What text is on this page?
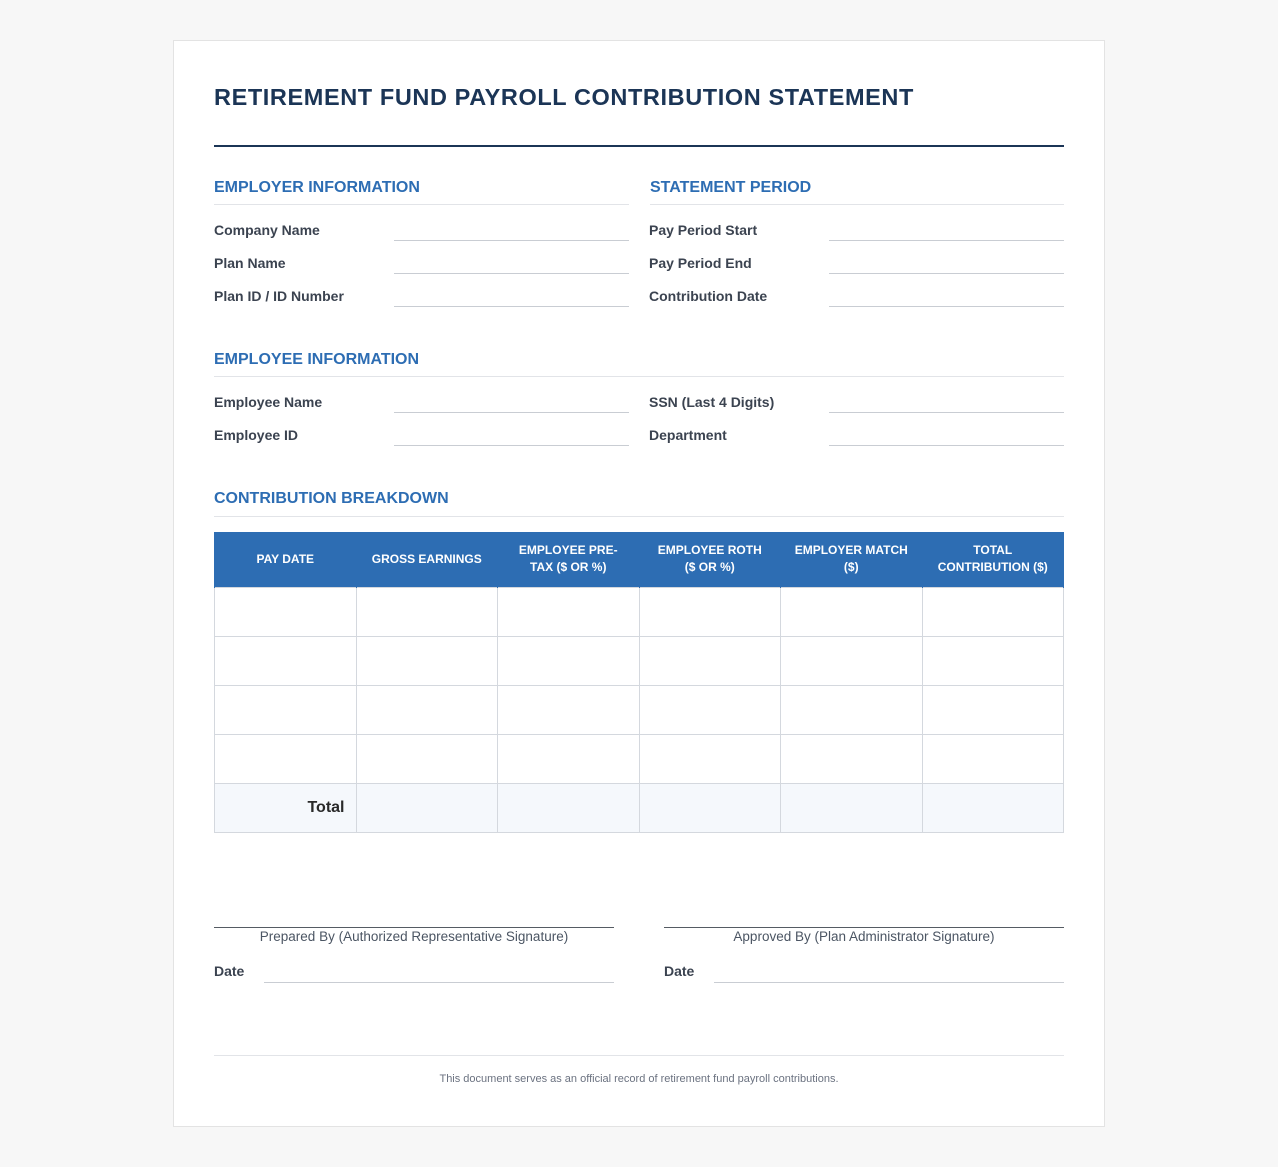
RETIREMENT FUND PAYROLL CONTRIBUTION STATEMENT
EMPLOYER INFORMATION
Company Name
Plan Name
Plan ID / ID Number
STATEMENT PERIOD
Pay Period Start
Pay Period End
Contribution Date
EMPLOYEE INFORMATION
Employee Name
Employee ID
SSN (Last 4 Digits)
Department
CONTRIBUTION BREAKDOWN
PAY DATE	GROSS EARNINGS	EMPLOYEE PRE-TAX ($ OR %)	EMPLOYEE ROTH ($ OR %)	EMPLOYER MATCH ($)	TOTAL CONTRIBUTION ($)

Total					
Prepared By (Authorized Representative Signature)
Date
Approved By (Plan Administrator Signature)
Date
This document serves as an official record of retirement fund payroll contributions.
